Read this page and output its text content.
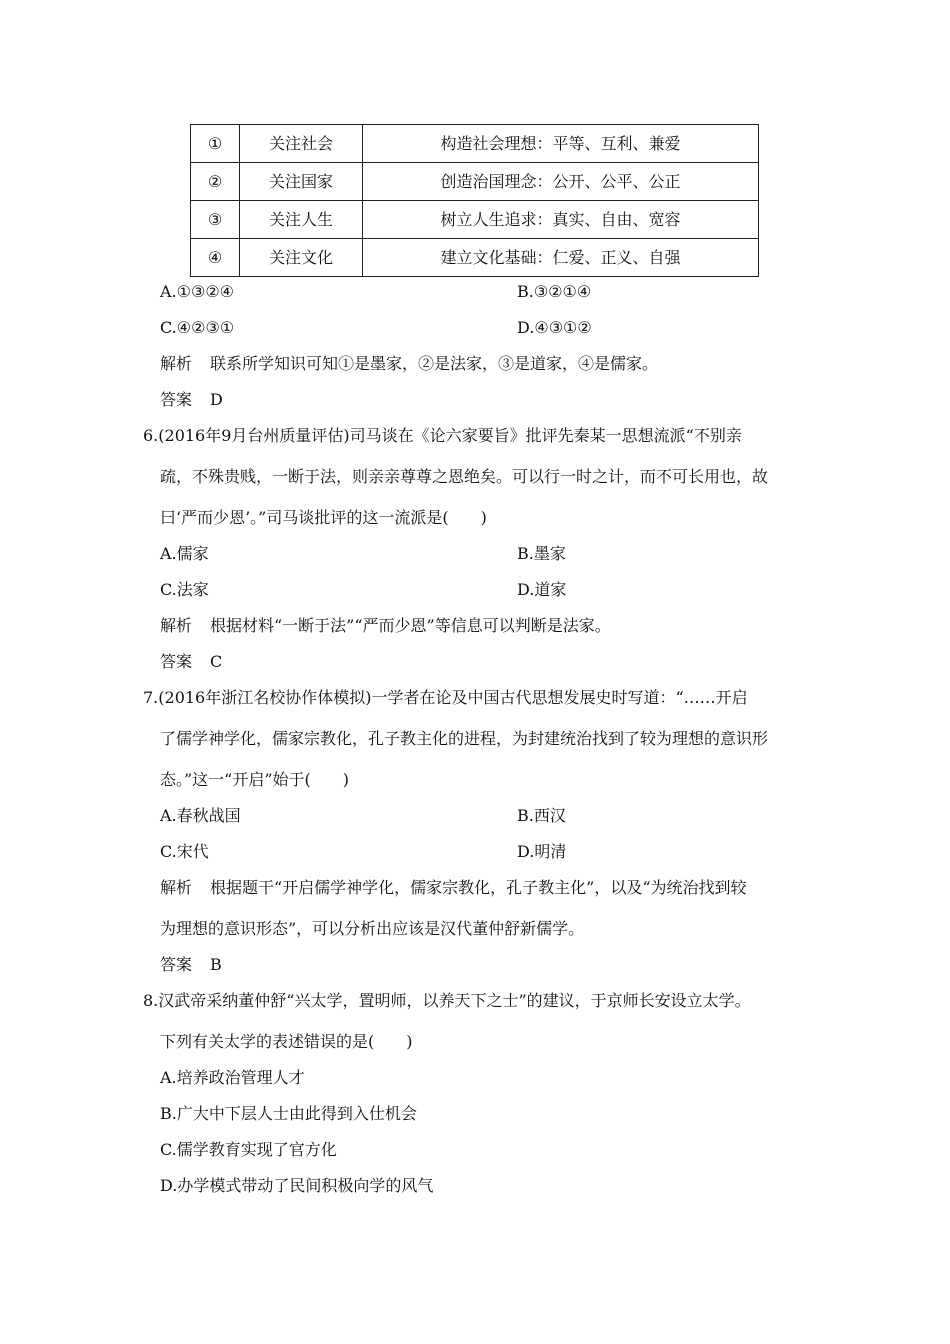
①	关注社会	构造社会理想：平等、互利、兼爱
②	关注国家	创造治国理念：公开、公平、公正
③	关注人生	树立人生追求：真实、自由、宽容
④	关注文化	建立文化基础：仁爱、正义、自强
A.①③②④	B.③②①④
C.④②③①	D.④③①②
解析 联系所学知识可知①是墨家，②是法家，③是道家，④是儒家。
答案 D
6.(2016年9月台州质量评估)司马谈在《论六家要旨》批评先秦某一思想流派“不别亲
疏，不殊贵贱，一断于法，则亲亲尊尊之恩绝矣。可以行一时之计，而不可长用也，故
曰‘严而少恩’。”司马谈批评的这一流派是(　　)
A.儒家	B.墨家
C.法家	D.道家
解析 根据材料“一断于法”“严而少恩”等信息可以判断是法家。
答案 C
7.(2016年浙江名校协作体模拟)一学者在论及中国古代思想发展史时写道：“……开启
了儒学神学化，儒家宗教化，孔子教主化的进程，为封建统治找到了较为理想的意识形
态。”这一“开启”始于(　　)
A.春秋战国	B.西汉
C.宋代	D.明清
解析 根据题干“开启儒学神学化，儒家宗教化，孔子教主化”，以及“为统治找到较
为理想的意识形态”，可以分析出应该是汉代董仲舒新儒学。
答案 B
8.汉武帝采纳董仲舒“兴太学，置明师，以养天下之士”的建议，于京师长安设立太学。
下列有关太学的表述错误的是(　　)
A.培养政治管理人才
B.广大中下层人士由此得到入仕机会
C.儒学教育实现了官方化
D.办学模式带动了民间积极向学的风气
